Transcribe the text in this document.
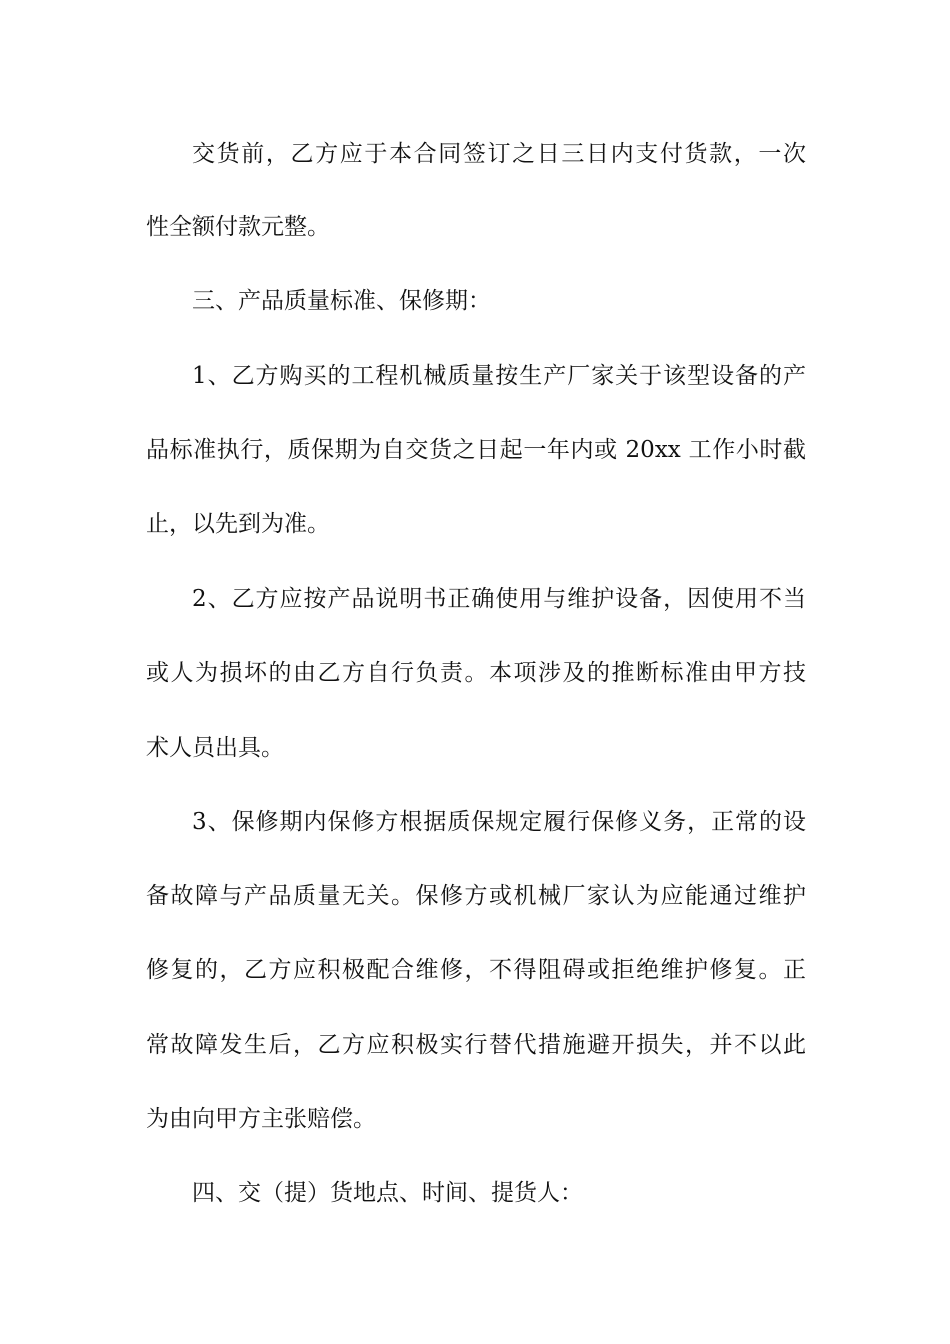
交货前，乙方应于本合同签订之日三日内支付货款，一次
性全额付款元整。
三、产品质量标准、保修期：
1、乙方购买的工程机械质量按生产厂家关于该型设备的产
品标准执行，质保期为自交货之日起一年内或 20xx 工作小时截
止，以先到为准。
2、乙方应按产品说明书正确使用与维护设备，因使用不当
或人为损坏的由乙方自行负责。本项涉及的推断标准由甲方技
术人员出具。
3、保修期内保修方根据质保规定履行保修义务，正常的设
备故障与产品质量无关。保修方或机械厂家认为应能通过维护
修复的，乙方应积极配合维修，不得阻碍或拒绝维护修复。正
常故障发生后，乙方应积极实行替代措施避开损失，并不以此
为由向甲方主张赔偿。
四、交（提）货地点、时间、提货人：
